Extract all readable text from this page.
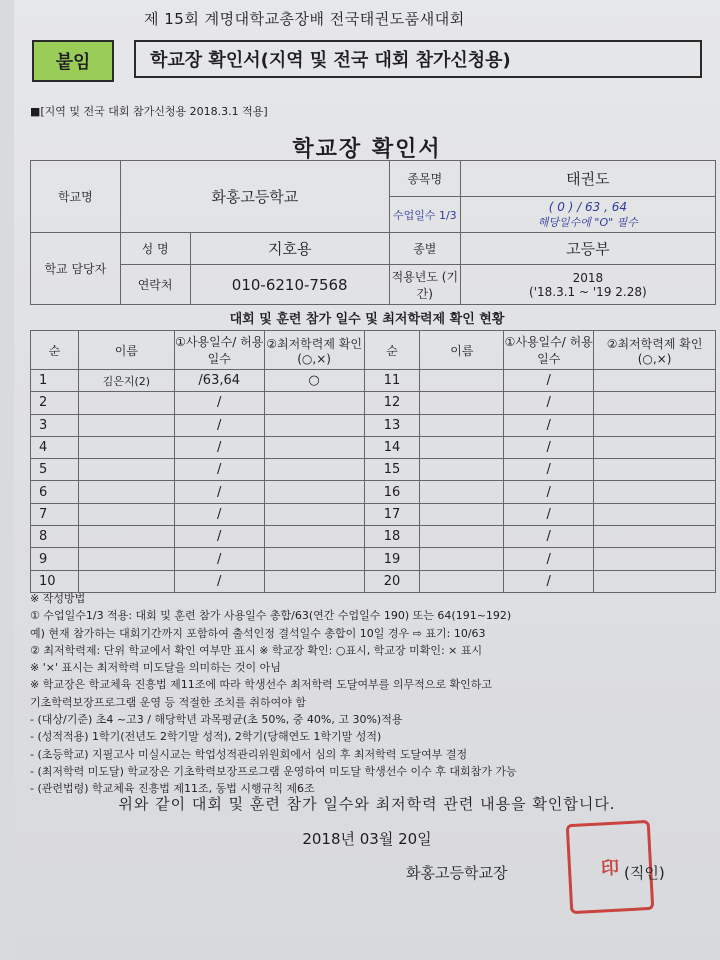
제 15회 계명대학교총장배 전국태권도품새대회
붙임	학교장 확인서(지역 및 전국 대회 참가신청용)
■[지역 및 전국 대회 참가신청용 2018.3.1 적용]
학교장 확인서
학교명	화홍고등학교		종목명	태권도
			수업일수 1/3	( 0 ) / 63 , 64
해당일수에 "O" 필수

학교 담당자	성 명	지호용	종별	고등부
	연락처	010-6210-7568	적용년도 (기간)	2018
('18.3.1 ~ '19 2.28)
대회 및 훈련 참가 일수 및 최저학력제 확인 현황
순	이름	①사용일수/ 허용일수	②최저학력제 확인(○,×)	순	이름	①사용일수/ 허용일수	②최저학력제 확인(○,×)
1	김은지(2)	/63,64	○	11		/	
2		/		12		/	
3		/		13		/	
4		/		14		/	
5		/		15		/	
6		/		16		/	
7		/		17		/	
8		/		18		/	
9		/		19		/	
10		/		20		/	
※ 작성방법
① 수업일수1/3 적용: 대회 및 훈련 참가 사용일수 총합/63(연간 수업일수 190) 또는 64(191~192)
예) 현재 참가하는 대회기간까지 포함하여 출석인정 결석일수 총합이 10일 경우 ⇨ 표기: 10/63
② 최저학력제: 단위 학교에서 확인 여부만 표시 ※ 학교장 확인: ○표시, 학교장 미확인: × 표시
※ '×' 표시는 최저학력 미도달을 의미하는 것이 아님
※ 학교장은 학교체육 진흥법 제11조에 따라 학생선수 최저학력 도달여부를 의무적으로 확인하고
기초학력보장프로그램 운영 등 적절한 조치를 취하여야 함
- (대상/기준) 초4 ~고3 / 해당학년 과목평균(초 50%, 중 40%, 고 30%)적용
- (성적적용) 1학기(전년도 2학기말 성적), 2학기(당해연도 1학기말 성적)
- (초등학교) 지필고사 미실시교는 학업성적관리위원회에서 심의 후 최저학력 도달여부 결정
- (최저학력 미도달) 학교장은 기초학력보장프로그램 운영하여 미도달 학생선수 이수 후 대회참가 가능
- (관련법령) 학교체육 진흥법 제11조, 동법 시행규칙 제6조
위와 같이 대회 및 훈련 참가 일수와 최저학력 관련 내용을 확인합니다.
2018년 03월 20일
화홍고등학교장	印 (직인)
